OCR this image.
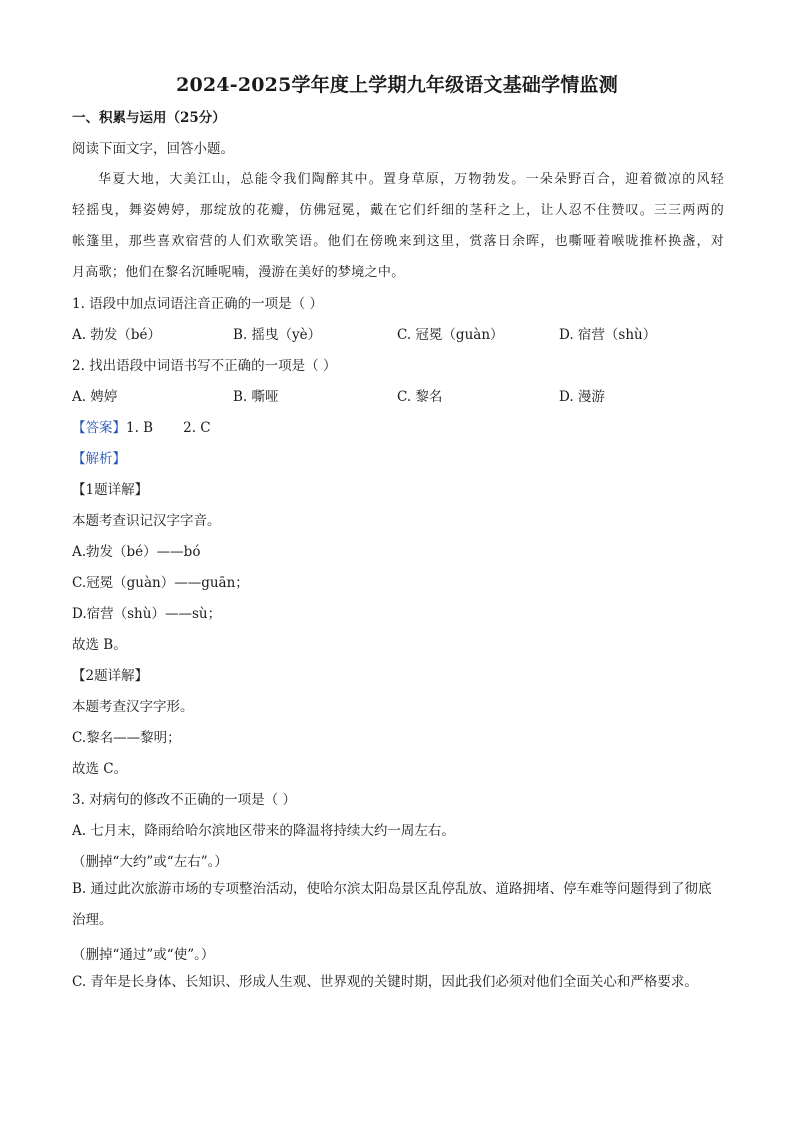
2024-2025学年度上学期九年级语文基础学情监测
一、积累与运用（25分）
阅读下面文字，回答小题。
华夏大地，大美江山，总能令我们陶醉其中。置身草原，万物勃发。一朵朵野百合，迎着微凉的风轻
轻摇曳，舞姿娉婷，那绽放的花瓣，仿佛冠冕，戴在它们纤细的茎秆之上，让人忍不住赞叹。三三两两的
帐篷里，那些喜欢宿营的人们欢歌笑语。他们在傍晚来到这里，赏落日余晖，也嘶哑着喉咙推杯换盏，对
月高歌；他们在黎名沉睡呢喃，漫游在美好的梦境之中。
1. 语段中加点词语注音正确的一项是（ ）
A. 勃发（bé）	B. 摇曳（yè）	C. 冠冕（guàn）	D. 宿营（shù）
2. 找出语段中词语书写不正确的一项是（ ）
A. 娉婷	B. 嘶哑	C. 黎名	D. 漫游
【答案】1. B       2. C
【解析】
【1题详解】
本题考查识记汉字字音。
A.勃发（bé）——bó
C.冠冕（guàn）——guān；
D.宿营（shù）——sù；
故选 B。
【2题详解】
本题考查汉字字形。
C.黎名——黎明；
故选 C。
3. 对病句的修改不正确的一项是（ ）
A. 七月末，降雨给哈尔滨地区带来的降温将持续大约一周左右。
（删掉“大约”或“左右”。）
B. 通过此次旅游市场的专项整治活动，使哈尔滨太阳岛景区乱停乱放、道路拥堵、停车难等问题得到了彻底治理。
（删掉“通过”或“使”。）
C. 青年是长身体、长知识、形成人生观、世界观的关键时期，因此我们必须对他们全面关心和严格要求。
